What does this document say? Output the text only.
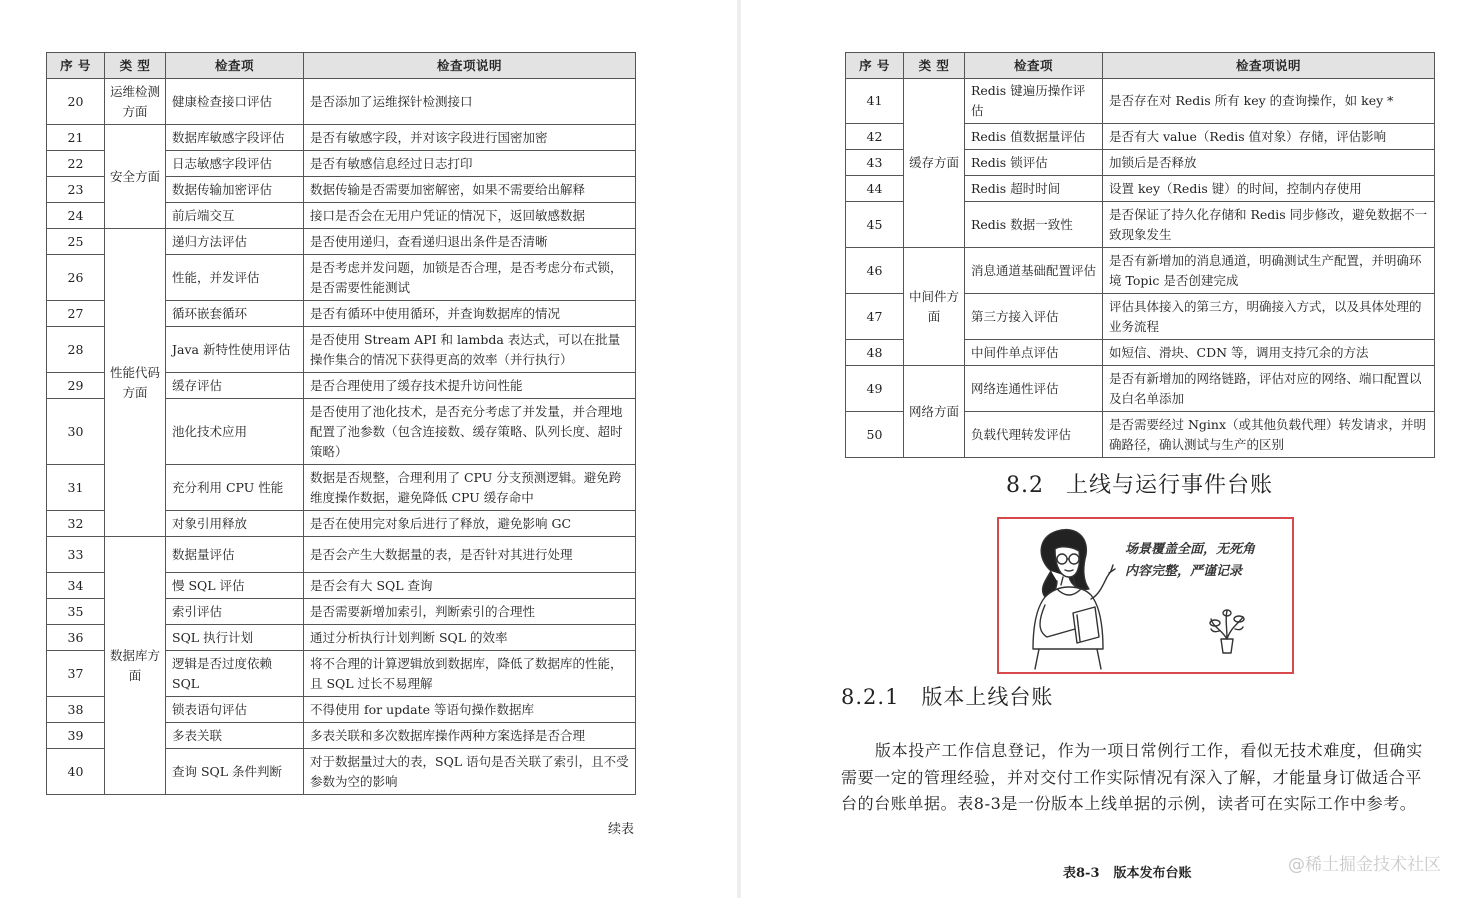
序 号	类 型	检查项	检查项说明
20	运维检测方面	健康检查接口评估	是否添加了运维探针检测接口
21	安全方面	数据库敏感字段评估	是否有敏感字段，并对该字段进行国密加密
22		日志敏感字段评估	是否有敏感信息经过日志打印
23		数据传输加密评估	数据传输是否需要加密解密，如果不需要给出解释
24		前后端交互	接口是否会在无用户凭证的情况下，返回敏感数据
25	性能代码方面	递归方法评估	是否使用递归，查看递归退出条件是否清晰
26		性能，并发评估	是否考虑并发问题，加锁是否合理，是否考虑分布式锁，是否需要性能测试
27		循环嵌套循环	是否有循环中使用循环，并查询数据库的情况
28		Java 新特性使用评估	是否使用 Stream API 和 lambda 表达式，可以在批量操作集合的情况下获得更高的效率（并行执行）
29		缓存评估	是否合理使用了缓存技术提升访问性能
30		池化技术应用	是否使用了池化技术，是否充分考虑了并发量，并合理地配置了池参数（包含连接数、缓存策略、队列长度、超时策略）
31		充分利用 CPU 性能	数据是否规整，合理利用了 CPU 分支预测逻辑。避免跨维度操作数据，避免降低 CPU 缓存命中
32		对象引用释放	是否在使用完对象后进行了释放，避免影响 GC
33	数据库方面	数据量评估	是否会产生大数据量的表，是否针对其进行处理
34		慢 SQL 评估	是否会有大 SQL 查询
35		索引评估	是否需要新增加索引，判断索引的合理性
36		SQL 执行计划	通过分析执行计划判断 SQL 的效率
37		逻辑是否过度依赖 SQL	将不合理的计算逻辑放到数据库，降低了数据库的性能，且 SQL 过长不易理解
38		锁表语句评估	不得使用 for update 等语句操作数据库
39		多表关联	多表关联和多次数据库操作两种方案选择是否合理
40		查询 SQL 条件判断	对于数据量过大的表，SQL 语句是否关联了索引，且不受参数为空的影响
续表
序 号	类 型	检查项	检查项说明
41	缓存方面	Redis 键遍历操作评估	是否存在对 Redis 所有 key 的查询操作，如 key *
42		Redis 值数据量评估	是否有大 value（Redis 值对象）存储，评估影响
43		Redis 锁评估	加锁后是否释放
44		Redis 超时时间	设置 key（Redis 键）的时间，控制内存使用
45		Redis 数据一致性	是否保证了持久化存储和 Redis 同步修改，避免数据不一致现象发生
46	中间件方面	消息通道基础配置评估	是否有新增加的消息通道，明确测试生产配置，并明确环境 Topic 是否创建完成
47		第三方接入评估	评估具体接入的第三方，明确接入方式，以及具体处理的业务流程
48		中间件单点评估	如短信、滑块、CDN 等，调用支持冗余的方法
49	网络方面	网络连通性评估	是否有新增加的网络链路，评估对应的网络、端口配置以及白名单添加
50		负载代理转发评估	是否需要经过 Nginx（或其他负载代理）转发请求，并明确路径，确认测试与生产的区别
8.2 上线与运行事件台账
场景覆盖全面，无死角
内容完整，严谨记录
8.2.1 版本上线台账

版本投产工作信息登记，作为一项日常例行工作，看似无技术难度，但确实需要一定的管理经验，并对交付工作实际情况有深入了解，才能量身订做适合平台的台账单据。表8-3是一份版本上线单据的示例，读者可在实际工作中参考。

表8-3 版本发布台账	@稀土掘金技术社区
